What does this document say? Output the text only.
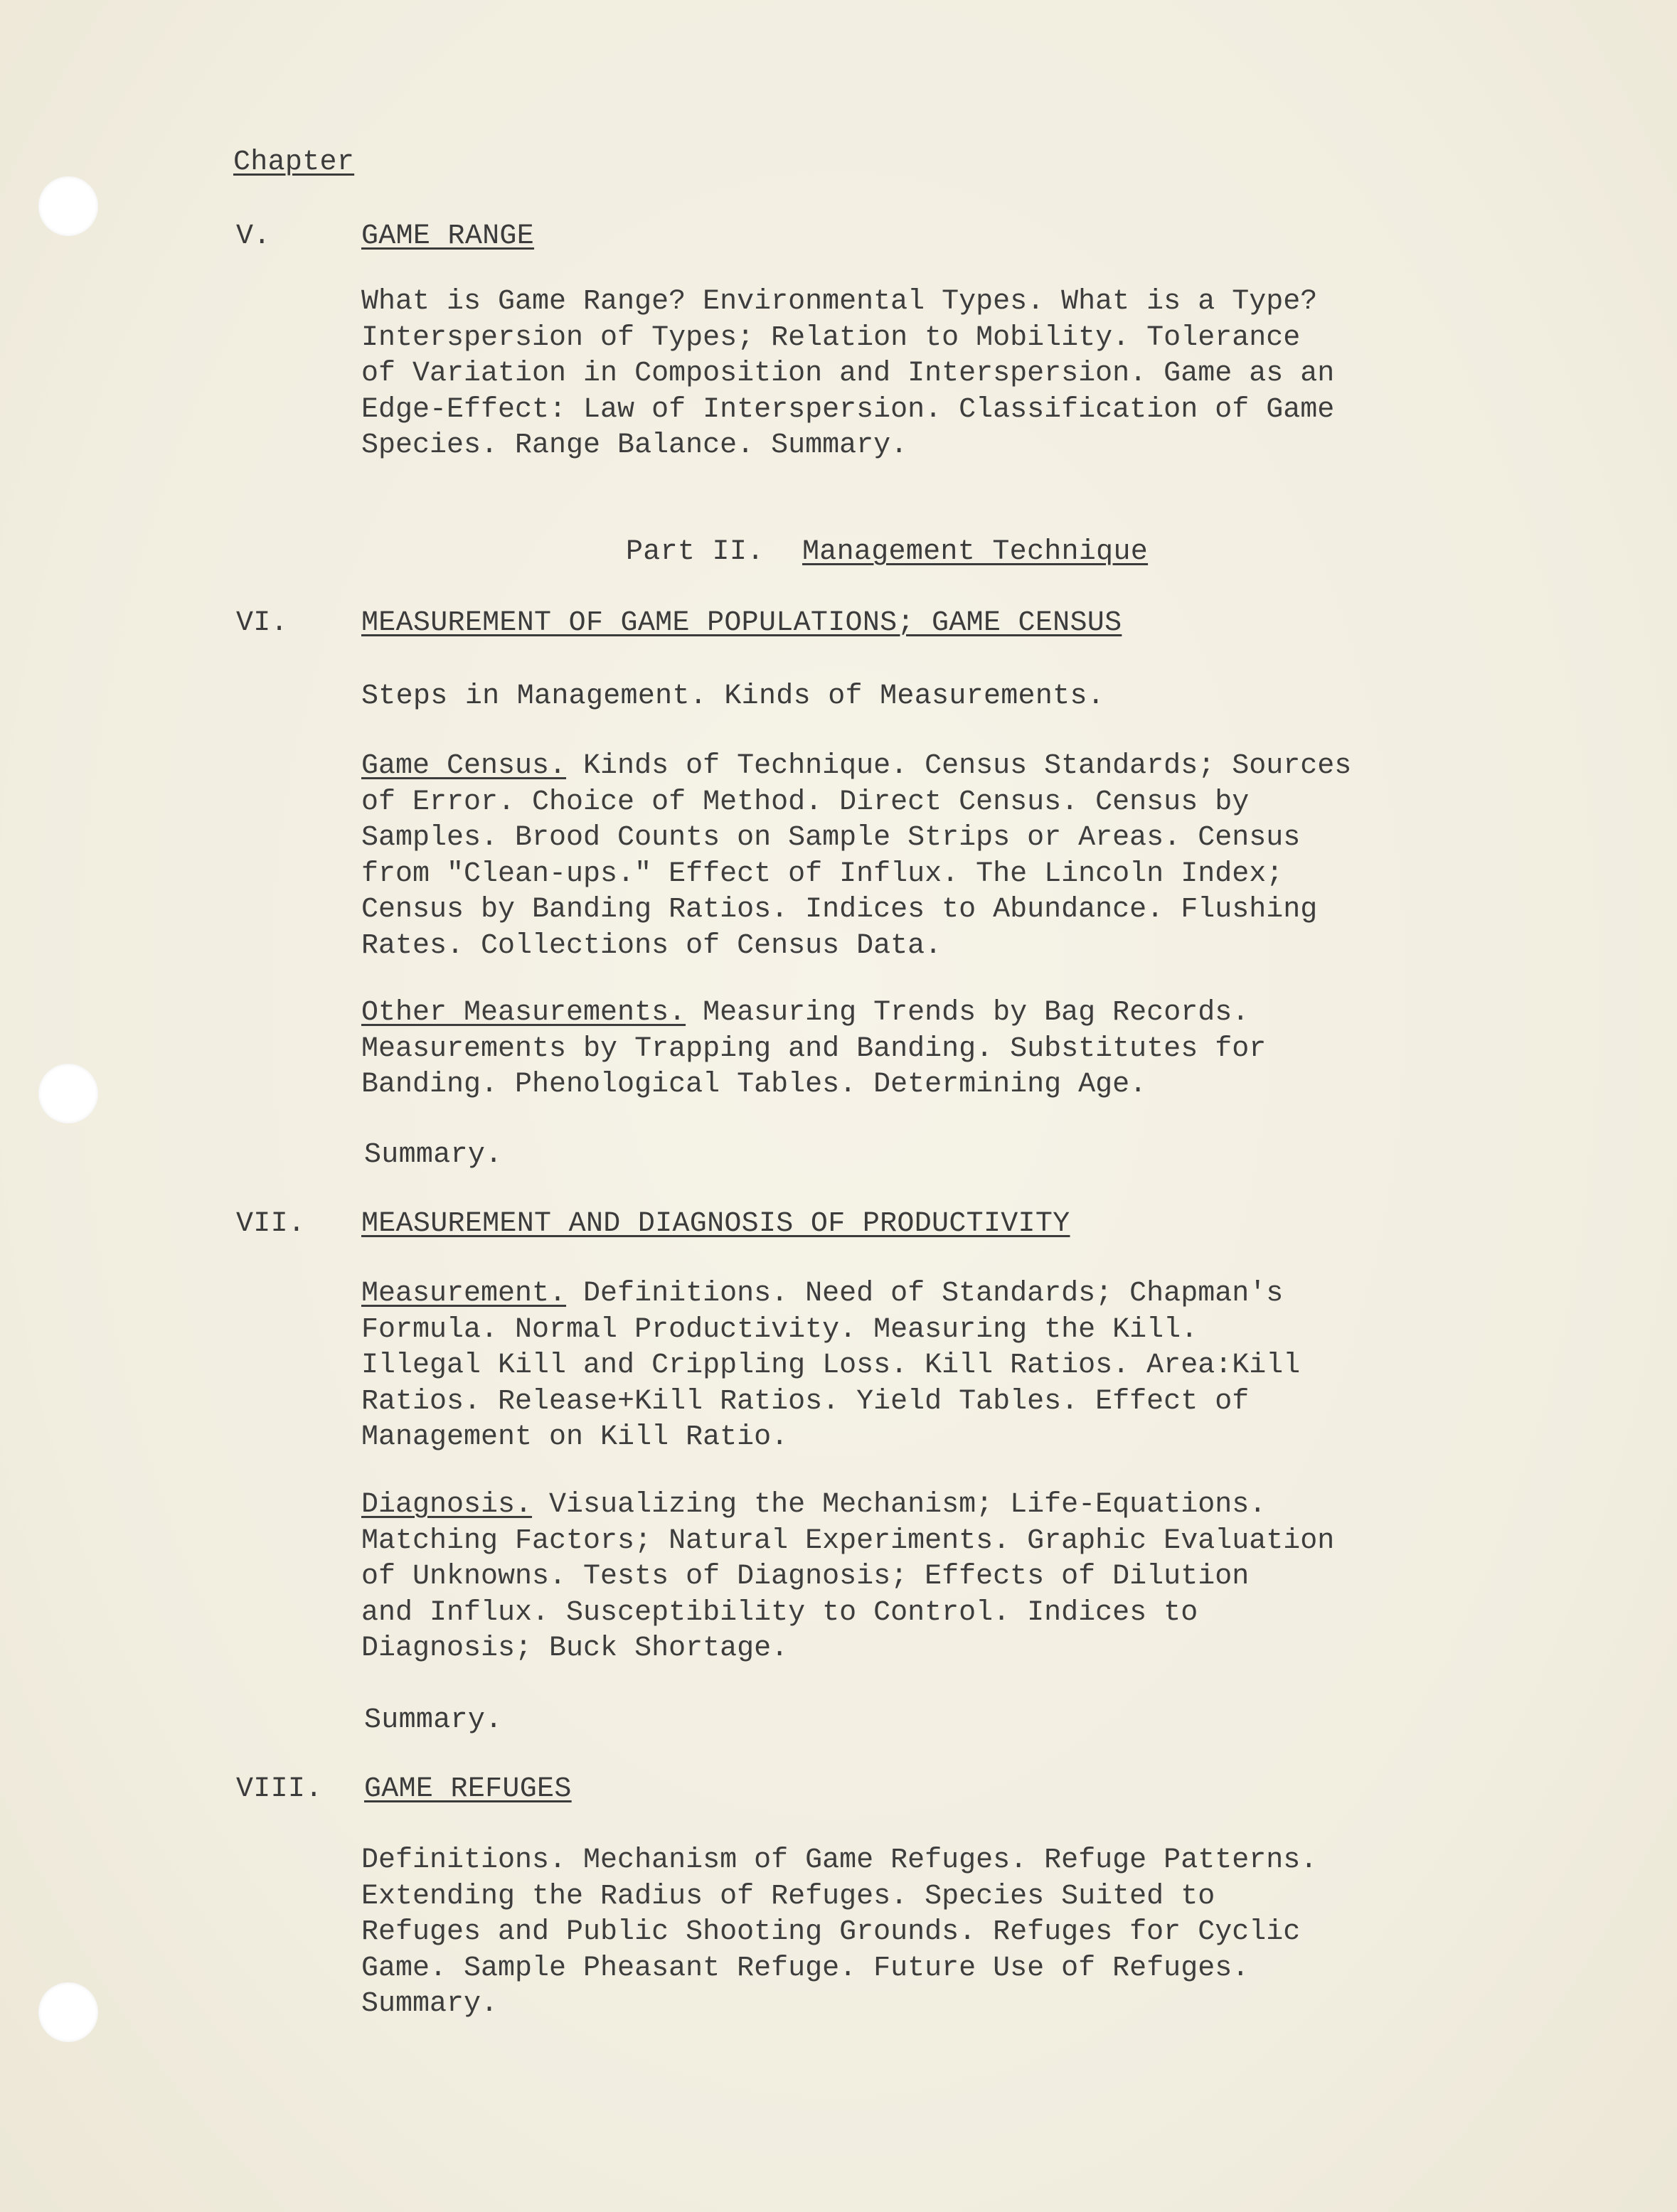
Chapter
V.	GAME RANGE
What is Game Range? Environmental Types. What is a Type?
Interspersion of Types; Relation to Mobility. Tolerance
of Variation in Composition and Interspersion. Game as an
Edge-Effect: Law of Interspersion. Classification of Game
Species. Range Balance. Summary.
Part II. Management Technique
VI.	MEASUREMENT OF GAME POPULATIONS; GAME CENSUS
Steps in Management. Kinds of Measurements.
Game Census. Kinds of Technique. Census Standards; Sources
of Error. Choice of Method. Direct Census. Census by
Samples. Brood Counts on Sample Strips or Areas. Census
from "Clean-ups." Effect of Influx. The Lincoln Index;
Census by Banding Ratios. Indices to Abundance. Flushing
Rates. Collections of Census Data.
Other Measurements. Measuring Trends by Bag Records.
Measurements by Trapping and Banding. Substitutes for
Banding. Phenological Tables. Determining Age.
Summary.
VII. MEASUREMENT AND DIAGNOSIS OF PRODUCTIVITY
Measurement. Definitions. Need of Standards; Chapman's
Formula. Normal Productivity. Measuring the Kill.
Illegal Kill and Crippling Loss. Kill Ratios. Area:Kill
Ratios. Release+Kill Ratios. Yield Tables. Effect of
Management on Kill Ratio.
Diagnosis. Visualizing the Mechanism; Life-Equations.
Matching Factors; Natural Experiments. Graphic Evaluation
of Unknowns. Tests of Diagnosis; Effects of Dilution
and Influx. Susceptibility to Control. Indices to
Diagnosis; Buck Shortage.
Summary.
VIII. GAME REFUGES
Definitions. Mechanism of Game Refuges. Refuge Patterns.
Extending the Radius of Refuges. Species Suited to
Refuges and Public Shooting Grounds. Refuges for Cyclic
Game. Sample Pheasant Refuge. Future Use of Refuges.
Summary.
